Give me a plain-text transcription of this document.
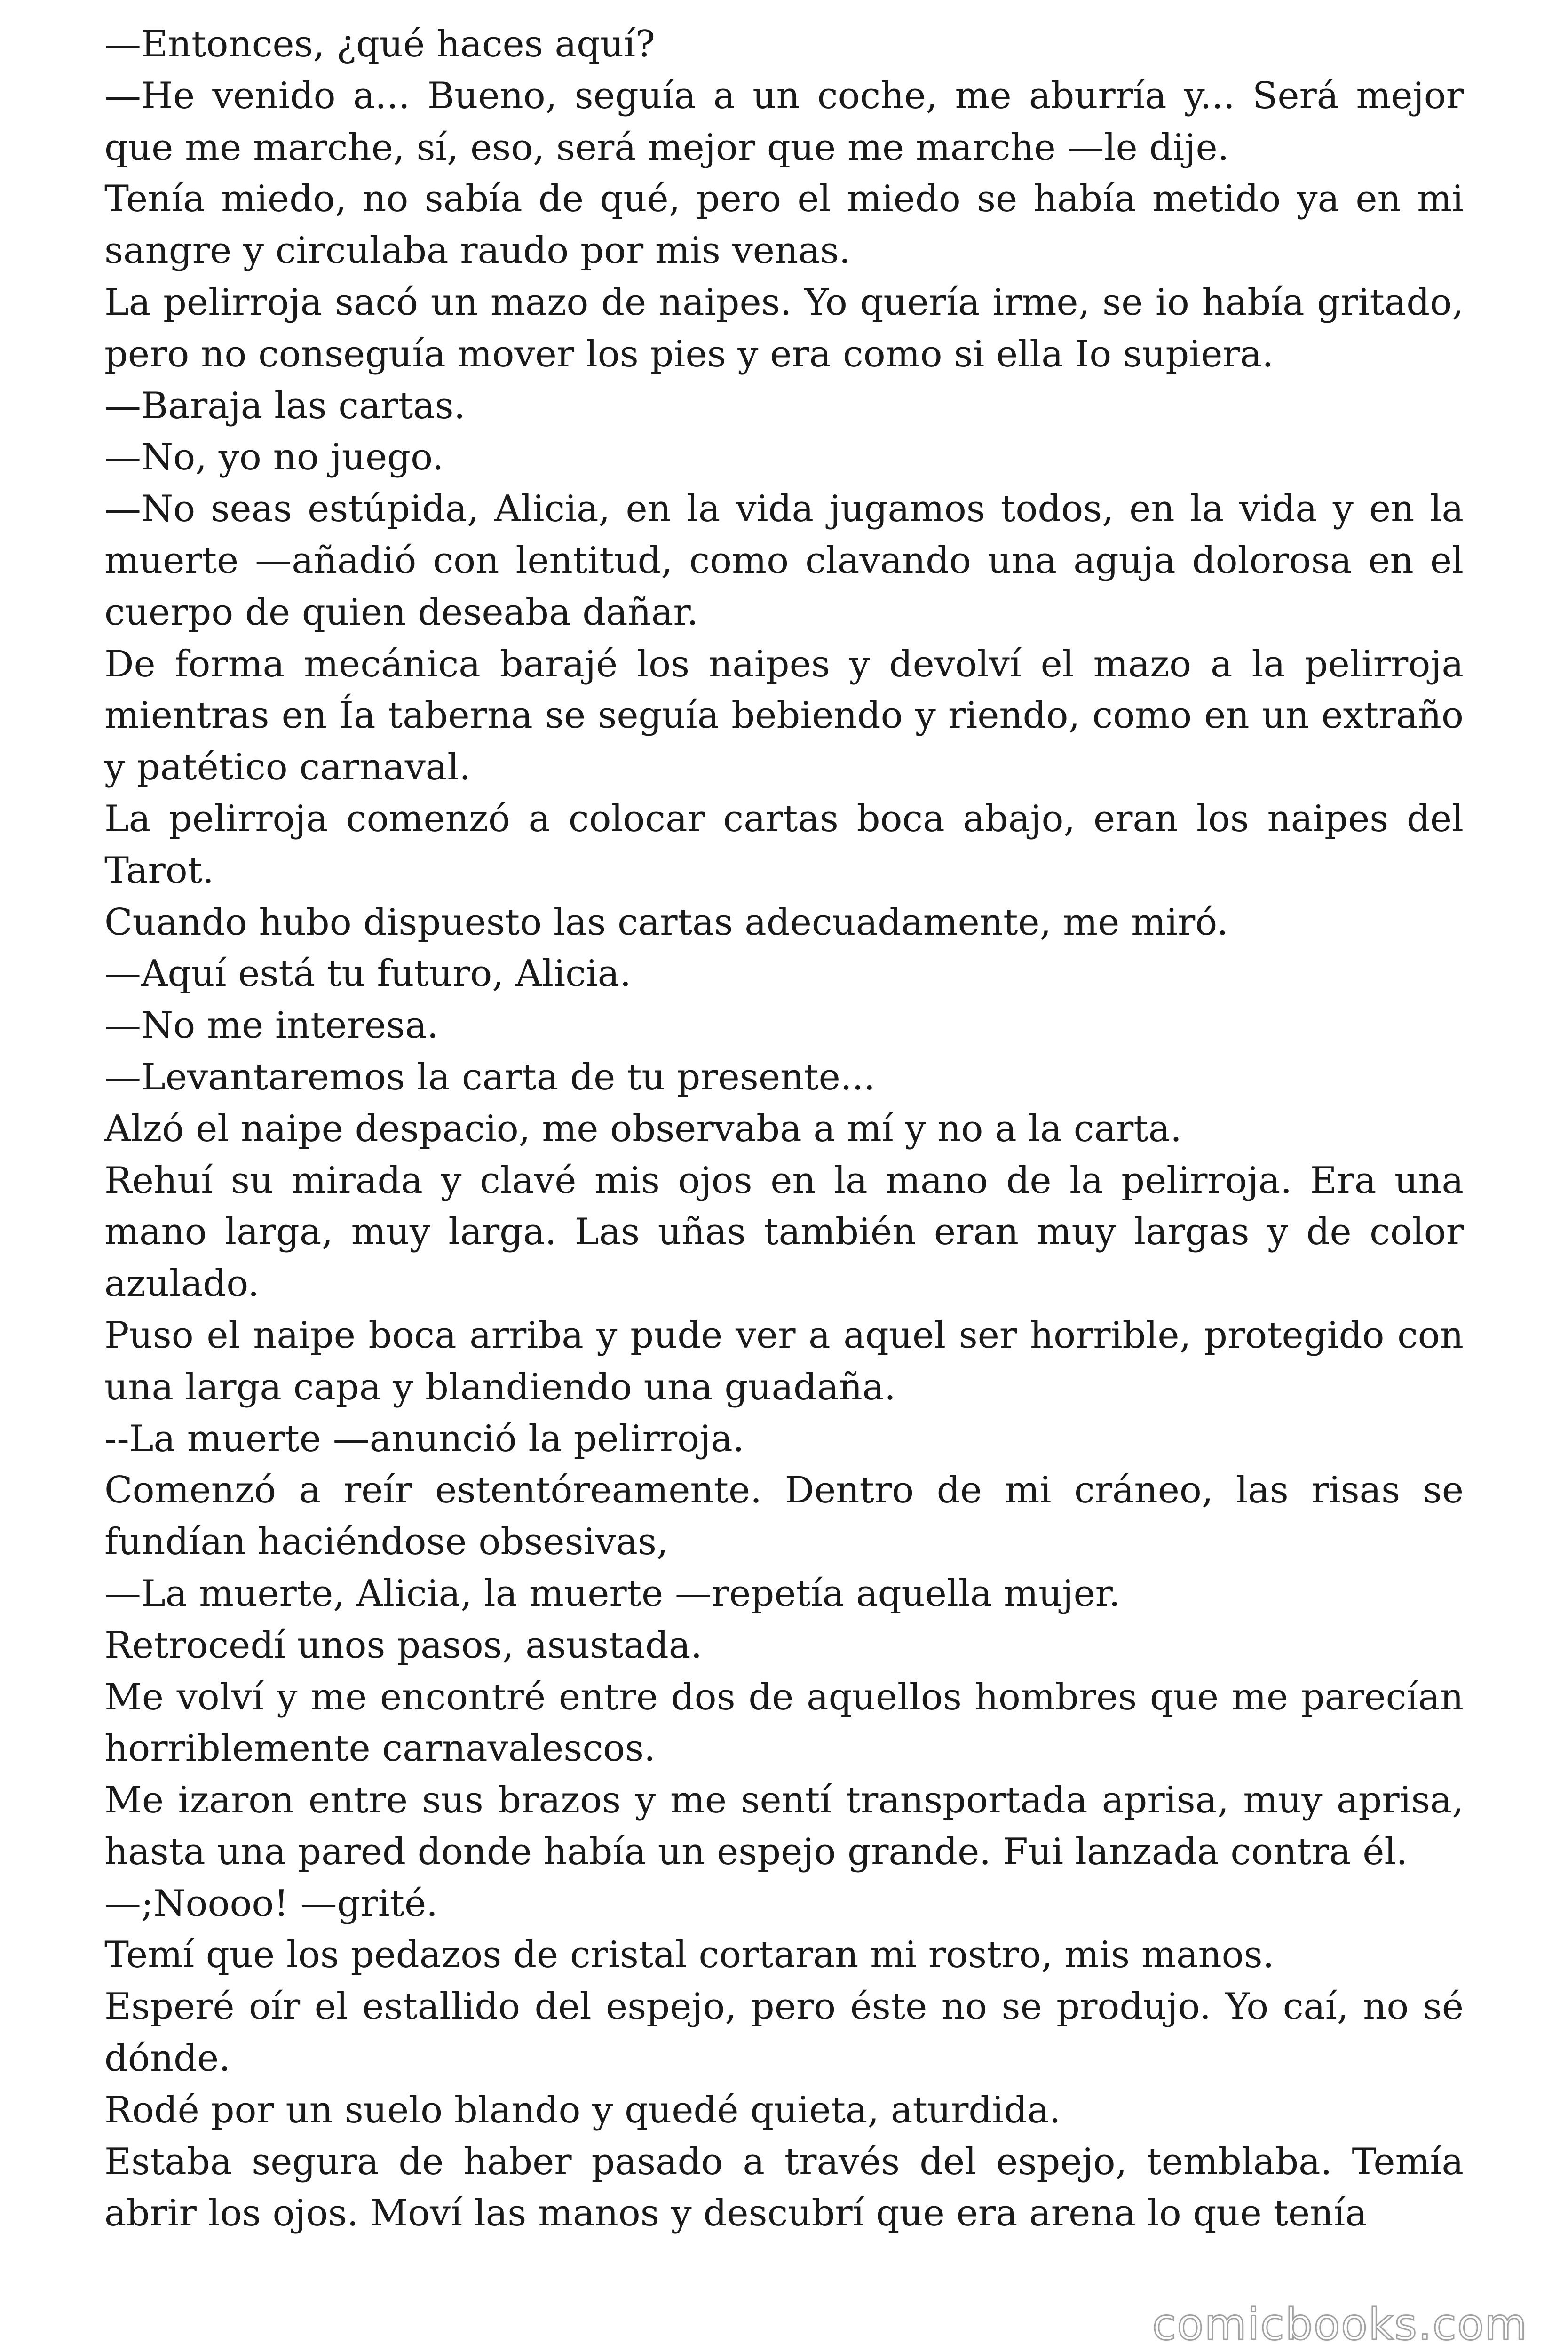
—Entonces, ¿qué haces aquí?

—He venido a... Bueno, seguía a un coche, me aburría y... Será mejor que me marche, sí, eso, será mejor que me marche —le dije.

Tenía miedo, no sabía de qué, pero el miedo se había metido ya en mi sangre y circulaba raudo por mis venas.

La pelirroja sacó un mazo de naipes. Yo quería irme, se io había gritado, pero no conseguía mover los pies y era como si ella Io supiera.

—Baraja las cartas.

—No, yo no juego.

—No seas estúpida, Alicia, en la vida jugamos todos, en la vida y en la muerte —añadió con lentitud, como clavando una aguja dolorosa en el cuerpo de quien deseaba dañar.

De forma mecánica barajé los naipes y devolví el mazo a la pelirroja mientras en Ía taberna se seguía bebiendo y riendo, como en un extraño y patético carnaval.

La pelirroja comenzó a colocar cartas boca abajo, eran los naipes del Tarot.

Cuando hubo dispuesto las cartas adecuadamente, me miró.

—Aquí está tu futuro, Alicia.

—No me interesa.

—Levantaremos la carta de tu presente...

Alzó el naipe despacio, me observaba a mí y no a la carta.

Rehuí su mirada y clavé mis ojos en la mano de la pelirroja. Era una mano larga, muy larga. Las uñas también eran muy largas y de color azulado.

Puso el naipe boca arriba y pude ver a aquel ser horrible, protegido con una larga capa y blandiendo una guadaña.

--La muerte —anunció la pelirroja.

Comenzó a reír estentóreamente. Dentro de mi cráneo, las risas se fundían haciéndose obsesivas,

—La muerte, Alicia, la muerte —repetía aquella mujer.

Retrocedí unos pasos, asustada.

Me volví y me encontré entre dos de aquellos hombres que me parecían horriblemente carnavalescos.

Me izaron entre sus brazos y me sentí transportada aprisa, muy aprisa, hasta una pared donde había un espejo grande. Fui lanzada contra él.

—;Noooo! —grité.

Temí que los pedazos de cristal cortaran mi rostro, mis manos.

Esperé oír el estallido del espejo, pero éste no se produjo. Yo caí, no sé dónde.

Rodé por un suelo blando y quedé quieta, aturdida.

Estaba segura de haber pasado a través del espejo, temblaba. Temía abrir los ojos. Moví las manos y descubrí que era arena lo que tenía

comicbooks.com
